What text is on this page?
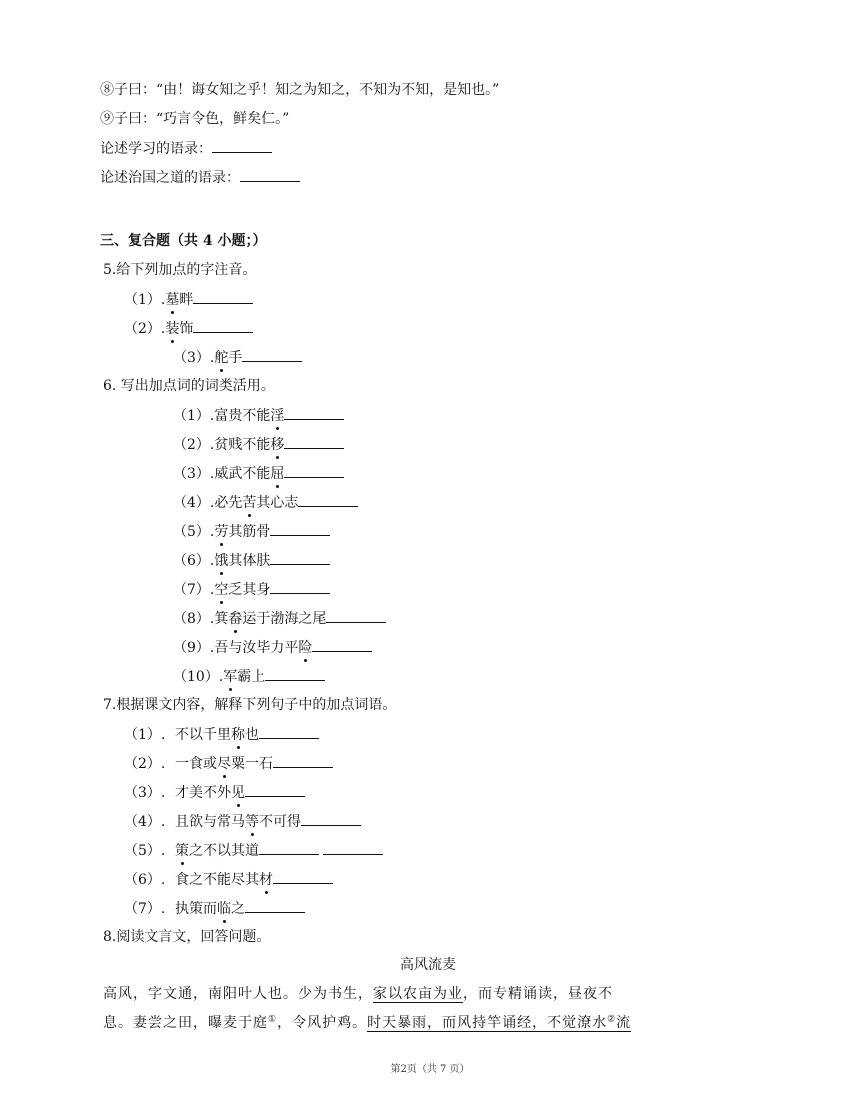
⑧子曰：“由！诲女知之乎！知之为知之，不知为不知，是知也。”
⑨子曰：“巧言令色，鲜矣仁。”
论述学习的语录：
论述治国之道的语录：
三、复合题（共 4 小题；）
5.给下列加点的字注音。
（1）.墓畔
（2）.装饰
（3）.舵手
6. 写出加点词的词类活用。
（1）.富贵不能淫
（2）.贫贱不能移
（3）.威武不能屈
（4）.必先苦其心志
（5）.劳其筋骨
（6）.饿其体肤
（7）.空乏其身
（8）.箕畚运于渤海之尾
（9）.吾与汝毕力平险
（10）.军霸上
7.根据课文内容，解释下列句子中的加点词语。
（1）. 不以千里称也
（2）. 一食或尽粟一石
（3）. 才美不外见
（4）. 且欲与常马等不可得
（5）. 策之不以其道
（6）. 食之不能尽其材
（7）. 执策而临之
8.阅读文言文，回答问题。
高风流麦
高风，字文通，南阳叶人也。少为书生，家以农亩为业，而专精诵读，昼夜不
息。妻尝之田，曝麦于庭①，令风护鸡。时天暴雨，而风持竿诵经，不觉潦水②流
第2页（共 7 页）
